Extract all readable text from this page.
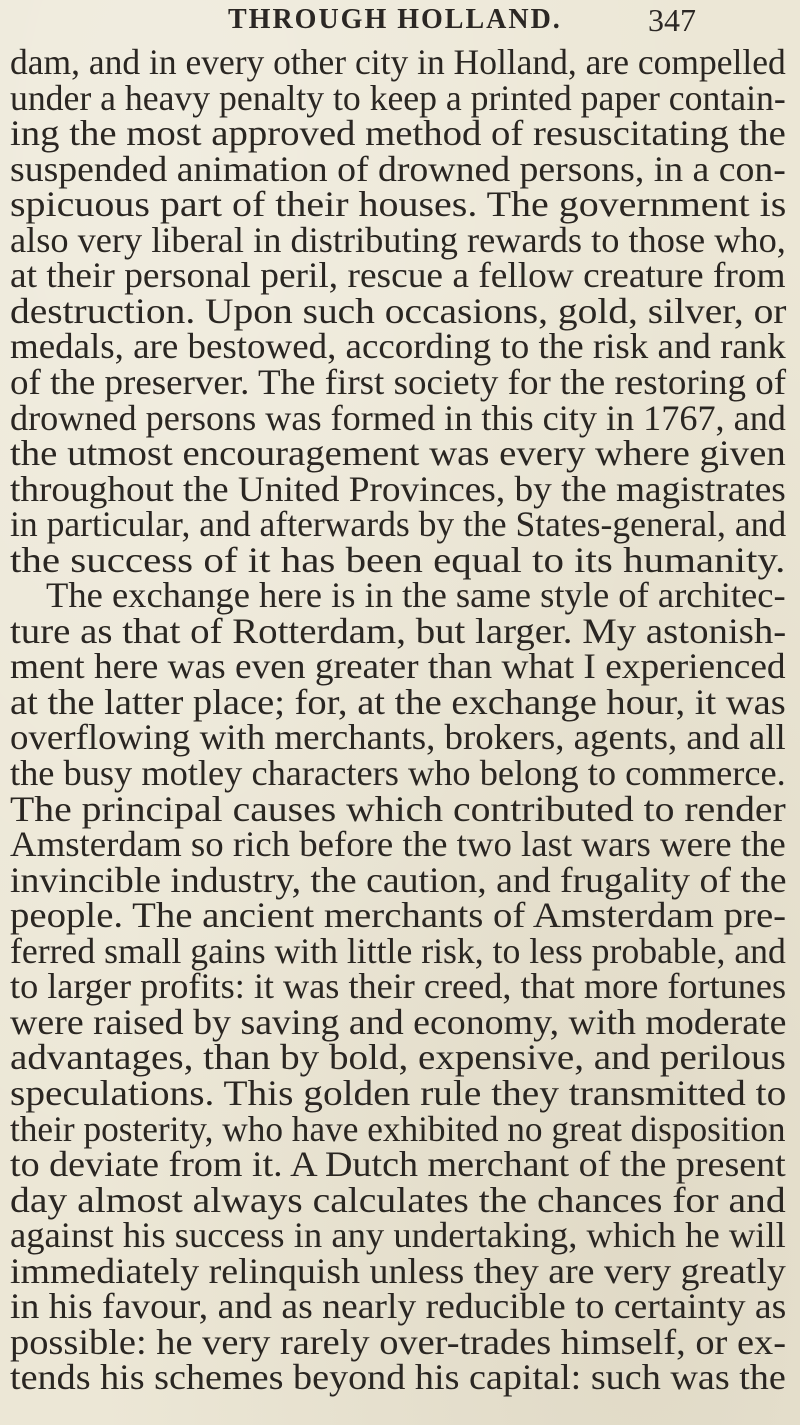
THROUGH HOLLAND.	347
dam, and in every other city in Holland, are compelled
under a heavy penalty to keep a printed paper contain-
ing the most approved method of resuscitating the
suspended animation of drowned persons, in a con-
spicuous part of their houses. The government is
also very liberal in distributing rewards to those who,
at their personal peril, rescue a fellow creature from
destruction. Upon such occasions, gold, silver, or
medals, are bestowed, according to the risk and rank
of the preserver. The first society for the restoring of
drowned persons was formed in this city in 1767, and
the utmost encouragement was every where given
throughout the United Provinces, by the magistrates
in particular, and afterwards by the States-general, and
the success of it has been equal to its humanity.
The exchange here is in the same style of architec-
ture as that of Rotterdam, but larger. My astonish-
ment here was even greater than what I experienced
at the latter place; for, at the exchange hour, it was
overflowing with merchants, brokers, agents, and all
the busy motley characters who belong to commerce.
The principal causes which contributed to render
Amsterdam so rich before the two last wars were the
invincible industry, the caution, and frugality of the
people. The ancient merchants of Amsterdam pre-
ferred small gains with little risk, to less probable, and
to larger profits: it was their creed, that more fortunes
were raised by saving and economy, with moderate
advantages, than by bold, expensive, and perilous
speculations. This golden rule they transmitted to
their posterity, who have exhibited no great disposition
to deviate from it. A Dutch merchant of the present
day almost always calculates the chances for and
against his success in any undertaking, which he will
immediately relinquish unless they are very greatly
in his favour, and as nearly reducible to certainty as
possible: he very rarely over-trades himself, or ex-
tends his schemes beyond his capital: such was the
